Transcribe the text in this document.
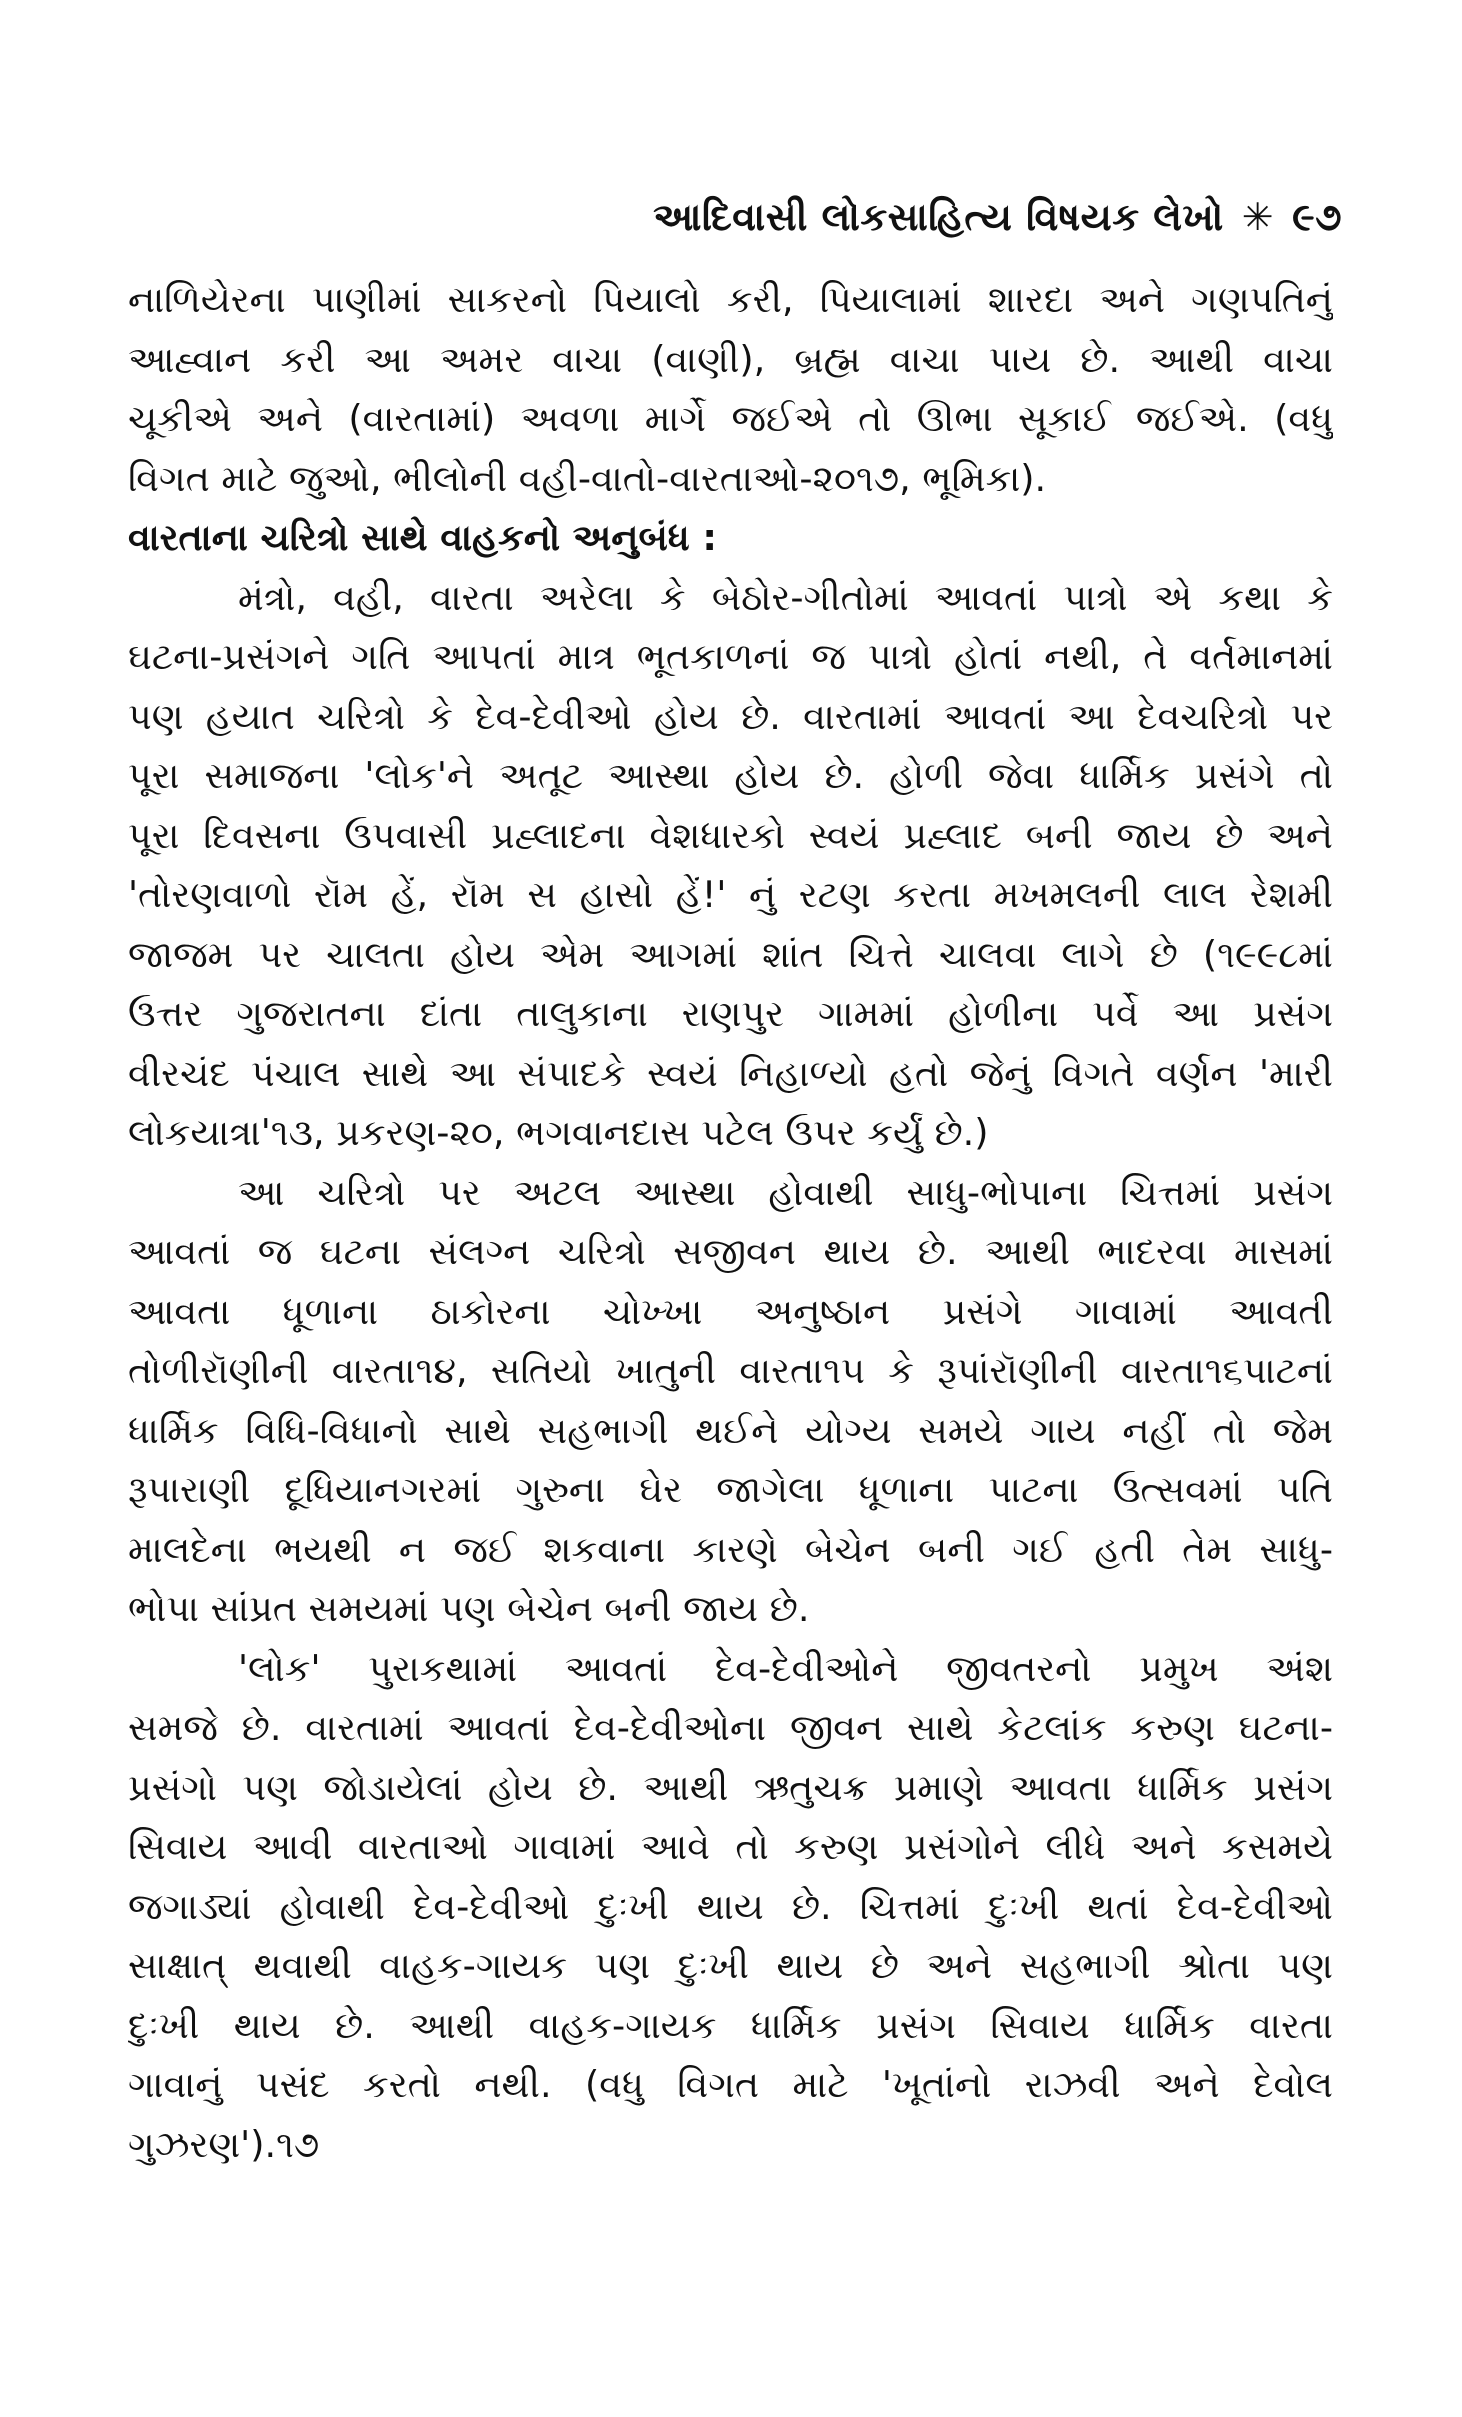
આદિવાસી લોકસાહિત્ય વિષયક લેખો ✳ ૯૭
નાળિયેરના પાણીમાં સાકરનો પિયાલો કરી, પિયાલામાં શારદા અને ગણપતિનું
આહ્વાન કરી આ અમર વાચા (વાણી), બ્રહ્મ વાચા પાય છે. આથી વાચા
ચૂકીએ અને (વારતામાં) અવળા માર્ગે જઈએ તો ઊભા સૂકાઈ જઈએ. (વધુ
વિગત માટે જુઓ, ભીલોની વહી-વાતો-વારતાઓ-૨૦૧૭, ભૂમિકા).
વારતાના ચરિત્રો સાથે વાહકનો અનુબંધ :
મંત્રો, વહી, વારતા અરેલા કે બેઠોર-ગીતોમાં આવતાં પાત્રો એ કથા કે
ઘટના-પ્રસંગને ગતિ આપતાં માત્ર ભૂતકાળનાં જ પાત્રો હોતાં નથી, તે વર્તમાનમાં
પણ હયાત ચરિત્રો કે દેવ-દેવીઓ હોય છે. વારતામાં આવતાં આ દેવચરિત્રો પર
પૂરા સમાજના 'લોક'ને અતૂટ આસ્થા હોય છે. હોળી જેવા ધાર્મિક પ્રસંગે તો
પૂરા દિવસના ઉપવાસી પ્રહ્લાદના વેશધારકો સ્વયં પ્રહ્લાદ બની જાય છે અને
'તોરણવાળો રૉમ હેં, રૉમ સ હાસો હેં!' નું રટણ કરતા મખમલની લાલ રેશમી
જાજમ પર ચાલતા હોય એમ આગમાં શાંત ચિત્તે ચાલવા લાગે છે (૧૯૯૮માં
ઉત્તર ગુજરાતના દાંતા તાલુકાના રાણપુર ગામમાં હોળીના પર્વે આ પ્રસંગ
વીરચંદ પંચાલ સાથે આ સંપાદકે સ્વયં નિહાળ્યો હતો જેનું વિગતે વર્ણન 'મારી
લોકયાત્રા'૧૩, પ્રકરણ-૨૦, ભગવાનદાસ પટેલ ઉપર કર્યું છે.)
આ ચરિત્રો પર અટલ આસ્થા હોવાથી સાધુ-ભોપાના ચિત્તમાં પ્રસંગ
આવતાં જ ઘટના સંલગ્ન ચરિત્રો સજીવન થાય છે. આથી ભાદરવા માસમાં
આવતા ધૂળાના ઠાકોરના ચોખ્ખા અનુષ્ઠાન પ્રસંગે ગાવામાં આવતી
તોળીરૉણીની વારતા૧૪, સતિયો ખાતુની વારતા૧૫ કે રૂપાંરૉણીની વારતા૧૬પાટનાં
ધાર્મિક વિધિ-વિધાનો સાથે સહભાગી થઈને યોગ્ય સમયે ગાય નહીં તો જેમ
રૂપારાણી દૂધિયાનગરમાં ગુરુના ઘેર જાગેલા ધૂળાના પાટના ઉત્સવમાં પતિ
માલદેના ભયથી ન જઈ શકવાના કારણે બેચેન બની ગઈ હતી તેમ સાધુ-
ભોપા સાંપ્રત સમયમાં પણ બેચેન બની જાય છે.
'લોક' પુરાકથામાં આવતાં દેવ-દેવીઓને જીવતરનો પ્રમુખ અંશ
સમજે છે. વારતામાં આવતાં દેવ-દેવીઓના જીવન સાથે કેટલાંક કરુણ ઘટના-
પ્રસંગો પણ જોડાયેલાં હોય છે. આથી ઋતુચક્ર પ્રમાણે આવતા ધાર્મિક પ્રસંગ
સિવાય આવી વારતાઓ ગાવામાં આવે તો કરુણ પ્રસંગોને લીધે અને કસમયે
જગાડ્યાં હોવાથી દેવ-દેવીઓ દુઃખી થાય છે. ચિત્તમાં દુઃખી થતાં દેવ-દેવીઓ
સાક્ષાત્ થવાથી વાહક-ગાયક પણ દુઃખી થાય છે અને સહભાગી શ્રોતા પણ
દુઃખી થાય છે. આથી વાહક-ગાયક ધાર્મિક પ્રસંગ સિવાય ધાર્મિક વારતા
ગાવાનું પસંદ કરતો નથી. (વધુ વિગત માટે 'ખૂતાંનો રાઝવી અને દેવોલ
ગુઝરણ').૧૭
